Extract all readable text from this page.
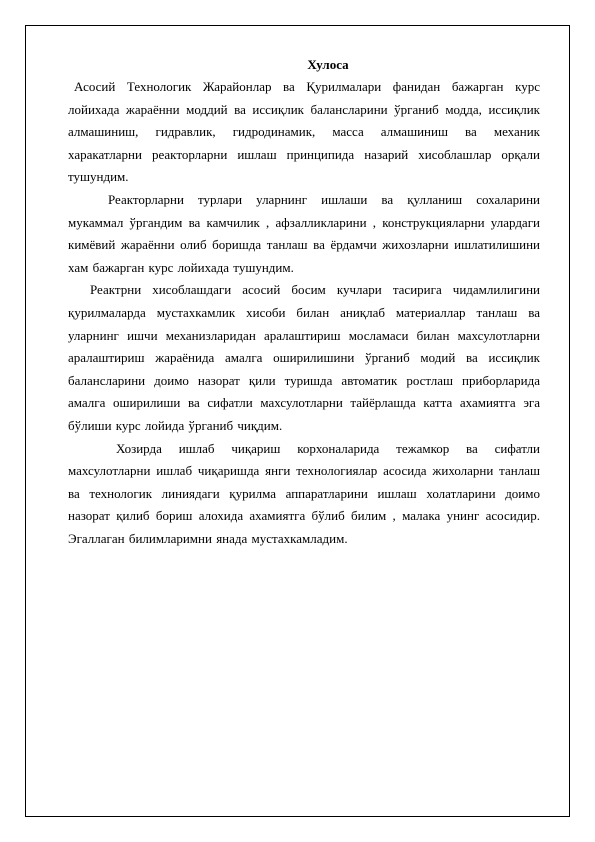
Хулоса

Асосий Технологик Жарайонлар ва Қурилмалари фанидан бажарган курс лойихада жараённи моддий ва иссиқлик балансларини ўрганиб модда, иссиқлик алмашиниш, гидравлик, гидродинамик, масса алмашиниш ва механик харакатларни реакторларни ишлаш принципида назарий хисоблашлар орқали тушундим.

Реакторларни турлари уларнинг ишлаши ва қулланиш сохаларини мукаммал ўргандим ва камчилик , афзалликларини , конструкцияларни улардаги кимёвий жараённи олиб боришда танлаш ва ёрдамчи жихозларни ишлатилишини хам бажарган курс лойихада тушундим.

Реактрни хисоблашдаги асосий босим кучлари тасирига чидамлилигини қурилмаларда мустахкамлик хисоби билан аниқлаб материаллар танлаш ва уларнинг ишчи механизларидан аралаштириш мосламаси билан махсулотларни аралаштириш жараёнида амалга оширилишини ўрганиб модий ва иссиқлик балансларини доимо назорат қили туришда автоматик ростлаш приборларида амалга оширилиши ва сифатли махсулотларни тайёрлашда катта ахамиятга эга бўлиши курс лойида ўрганиб чиқдим.

Хозирда ишлаб чиқариш корхоналарида тежамкор ва сифатли махсулотларни ишлаб чиқаришда янги технологиялар асосида жихоларни танлаш ва технологик линиядаги қурилма аппаратларини ишлаш холатларини доимо назорат қилиб бориш алохида ахамиятга бўлиб билим , малака унинг асосидир. Эгаллаган билимларимни янада мустахкамладим.
